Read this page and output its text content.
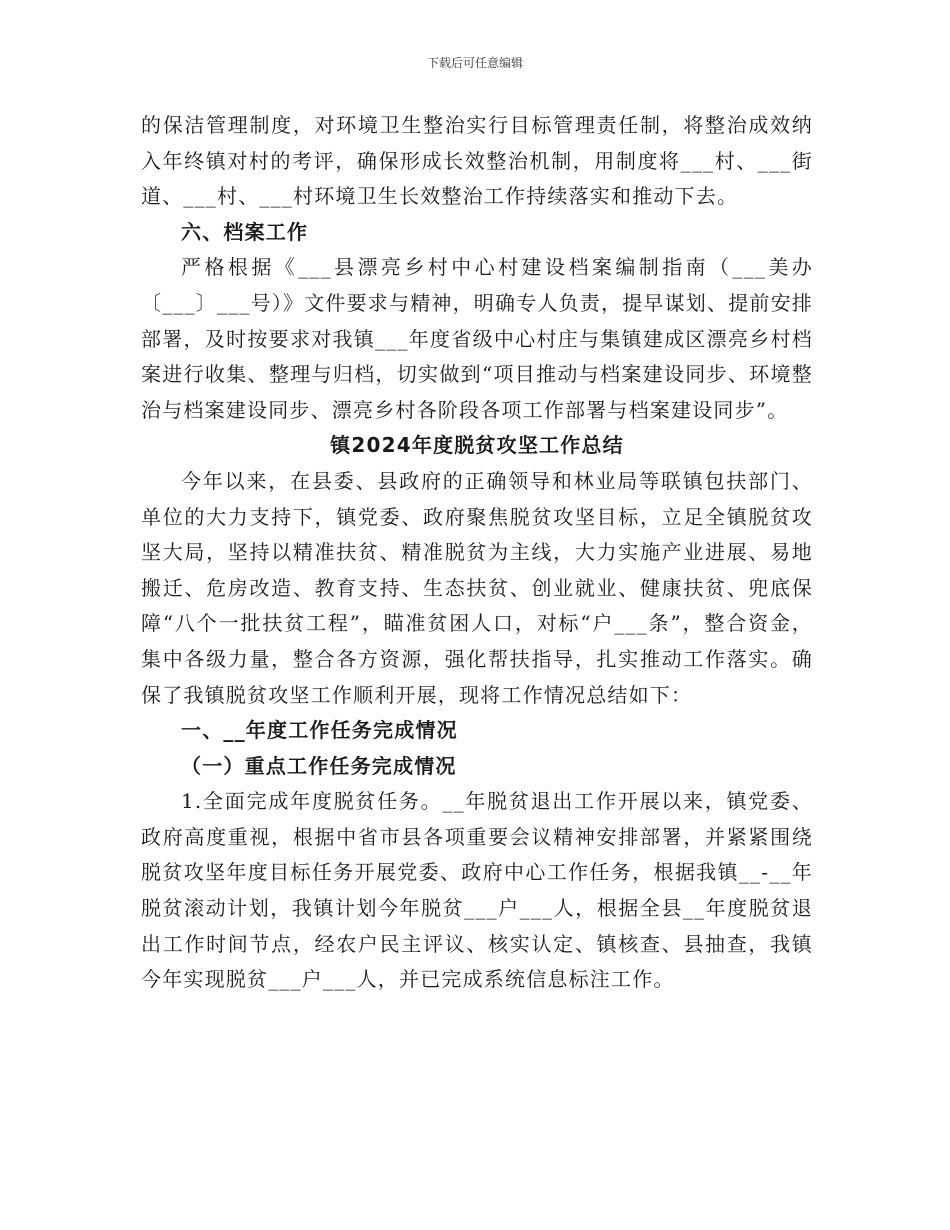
下载后可任意编辑

的保洁管理制度，对环境卫生整治实行目标管理责任制，将整治成效纳入年终镇对村的考评，确保形成长效整治机制，用制度将___村、___街道、___村、___村环境卫生长效整治工作持续落实和推动下去。

六、档案工作

严格根据《___县漂亮乡村中心村建设档案编制指南（___美办〔___〕___号）》文件要求与精神，明确专人负责，提早谋划、提前安排部署，及时按要求对我镇___年度省级中心村庄与集镇建成区漂亮乡村档案进行收集、整理与归档，切实做到“项目推动与档案建设同步、环境整治与档案建设同步、漂亮乡村各阶段各项工作部署与档案建设同步”。

镇2024年度脱贫攻坚工作总结

今年以来，在县委、县政府的正确领导和林业局等联镇包扶部门、单位的大力支持下，镇党委、政府聚焦脱贫攻坚目标，立足全镇脱贫攻坚大局，坚持以精准扶贫、精准脱贫为主线，大力实施产业进展、易地搬迁、危房改造、教育支持、生态扶贫、创业就业、健康扶贫、兜底保障“八个一批扶贫工程”，瞄准贫困人口，对标“户___条”，整合资金，集中各级力量，整合各方资源，强化帮扶指导，扎实推动工作落实。确保了我镇脱贫攻坚工作顺利开展，现将工作情况总结如下：

一、__年度工作任务完成情况
（一）重点工作任务完成情况

1.全面完成年度脱贫任务。__年脱贫退出工作开展以来，镇党委、政府高度重视，根据中省市县各项重要会议精神安排部署，并紧紧围绕脱贫攻坚年度目标任务开展党委、政府中心工作任务，根据我镇__-__年脱贫滚动计划，我镇计划今年脱贫___户___人，根据全县__年度脱贫退出工作时间节点，经农户民主评议、核实认定、镇核查、县抽查，我镇今年实现脱贫___户___人，并已完成系统信息标注工作。
